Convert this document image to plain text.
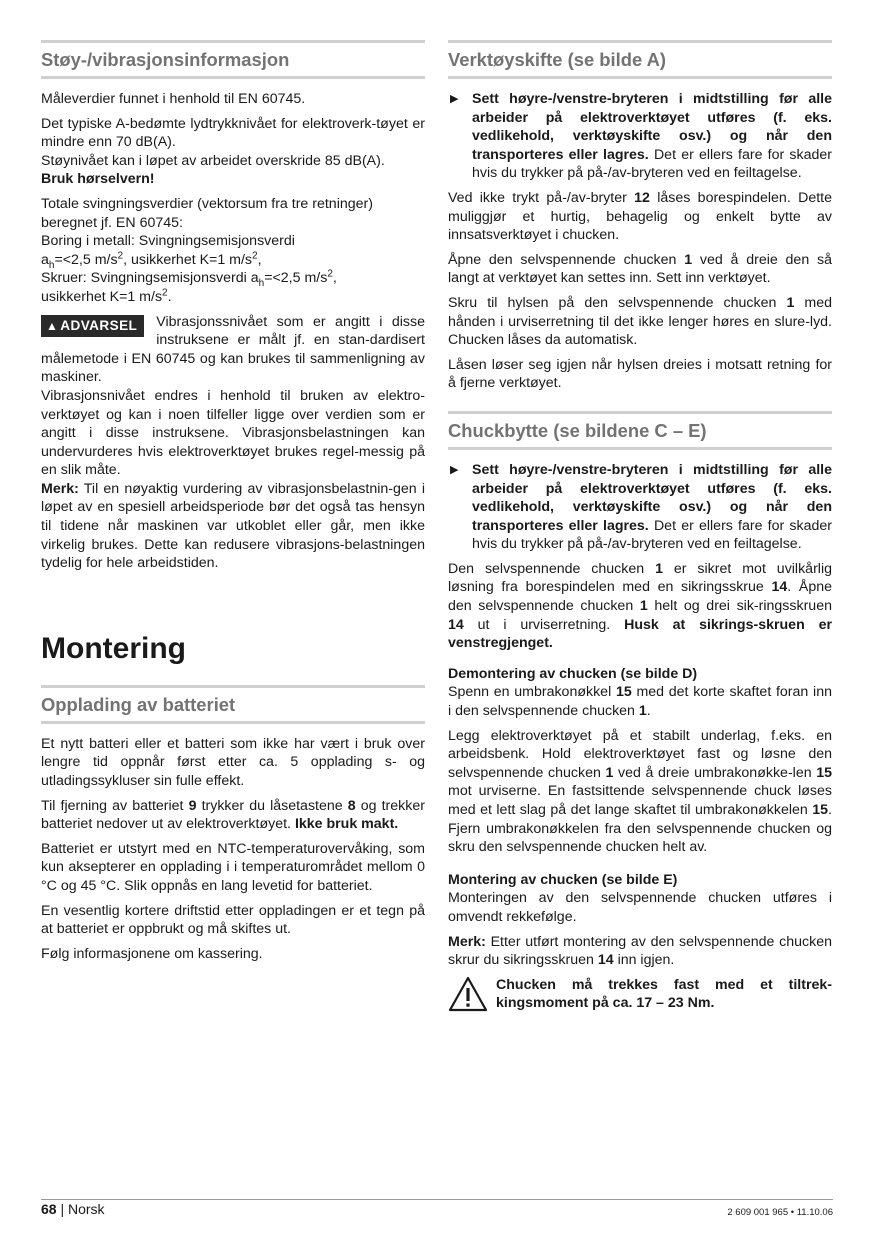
Støy-/vibrasjonsinformasjon

Måleverdier funnet i henhold til EN 60745.

Det typiske A-bedømte lydtrykknivået for elektroverk-tøyet er mindre enn 70 dB(A).

Støynivået kan i løpet av arbeidet overskride 85 dB(A).
Bruk hørselvern!

Totale svingningsverdier (vektorsum fra tre retninger) beregnet jf. EN 60745:
Boring i metall: Svingningsemisjonsverdi
$a_h=<2,5$ $m/s^2$, usikkerhet K=1 $m/s^2$,
Skruer: Svingningsemisjonsverdi $a_h=<2,5$ $m/s^2$,
usikkerhet K=1 $m/s^2$.

▲ ADVARSEL	Vibrasjonssnivået som er angitt i disse instruksene er målt jf. en stan-dardisert målemetode i EN 60745 og kan brukes til sammenligning av maskiner.

Vibrasjonsnivået endres i henhold til bruken av elektro-verktøyet og kan i noen tilfeller ligge over verdien som er angitt i disse instruksene. Vibrasjonsbelastningen kan undervurderes hvis elektroverktøyet brukes regel-messig på en slik måte.

Merk: Til en nøyaktig vurdering av vibrasjonsbelastnin-gen i løpet av en spesiell arbeidsperiode bør det også tas hensyn til tidene når maskinen var utkoblet eller går, men ikke virkelig brukes. Dette kan redusere vibrasjons-belastningen tydelig for hele arbeidstiden.

Montering
Opplading av batteriet

Et nytt batteri eller et batteri som ikke har vært i bruk over lengre tid oppnår først etter ca. 5 opplading s- og utladingssykluser sin fulle effekt.

Til fjerning av batteriet 9 trykker du låsetastene 8 og trekker batteriet nedover ut av elektroverktøyet. Ikke bruk makt.

Batteriet er utstyrt med en NTC-temperaturovervåking, som kun aksepterer en opplading i i temperaturområdet mellom 0 °C og 45 °C. Slik oppnås en lang levetid for batteriet.

En vesentlig kortere driftstid etter oppladingen er et tegn på at batteriet er oppbrukt og må skiftes ut.

Følg informasjonene om kassering.

Verktøyskifte (se bilde A)
▶ Sett høyre-/venstre-bryteren i midtstilling før alle arbeider på elektroverktøyet utføres (f. eks. vedlikehold, verktøyskifte osv.) og når den transporteres eller lagres. Det er ellers fare for skader hvis du trykker på på-/av-bryteren ved en feiltagelse.

Ved ikke trykt på-/av-bryter 12 låses borespindelen. Dette muliggjør et hurtig, behagelig og enkelt bytte av innsatsverktøyet i chucken.

Åpne den selvspennende chucken 1 ved å dreie den så langt at verktøyet kan settes inn. Sett inn verktøyet.

Skru til hylsen på den selvspennende chucken 1 med hånden i urviserretning til det ikke lenger høres en slure-lyd. Chucken låses da automatisk.

Låsen løser seg igjen når hylsen dreies i motsatt retning for å fjerne verktøyet.

Chuckbytte (se bildene C – E)
▶ Sett høyre-/venstre-bryteren i midtstilling før alle arbeider på elektroverktøyet utføres (f. eks. vedlikehold, verktøyskifte osv.) og når den transporteres eller lagres. Det er ellers fare for skader hvis du trykker på på-/av-bryteren ved en feiltagelse.

Den selvspennende chucken 1 er sikret mot uvilkårlig løsning fra borespindelen med en sikringsskrue 14. Åpne den selvspennende chucken 1 helt og drei sik-ringsskruen 14 ut i urviserretning. Husk at sikrings-skruen er venstregjenget.

Demontering av chucken (se bilde D)

Spenn en umbrakonøkkel 15 med det korte skaftet foran inn i den selvspennende chucken 1.

Legg elektroverktøyet på et stabilt underlag, f.eks. en arbeidsbenk. Hold elektroverktøyet fast og løsne den selvspennende chucken 1 ved å dreie umbrakonøkke-len 15 mot urviserne. En fastsittende selvspennende chuck løses med et lett slag på det lange skaftet til umbrakonøkkelen 15. Fjern umbrakonøkkelen fra den selvspennende chucken og skru den selvspennende chucken helt av.

Montering av chucken (se bilde E)

Monteringen av den selvspennende chucken utføres i omvendt rekkefølge.

Merk: Etter utført montering av den selvspennende chucken skrur du sikringsskruen 14 inn igjen.

Chucken må trekkes fast med et tiltrek-kingsmoment på ca. 17 – 23 Nm.
68 | Norsk	2 609 001 965 • 11.10.06
